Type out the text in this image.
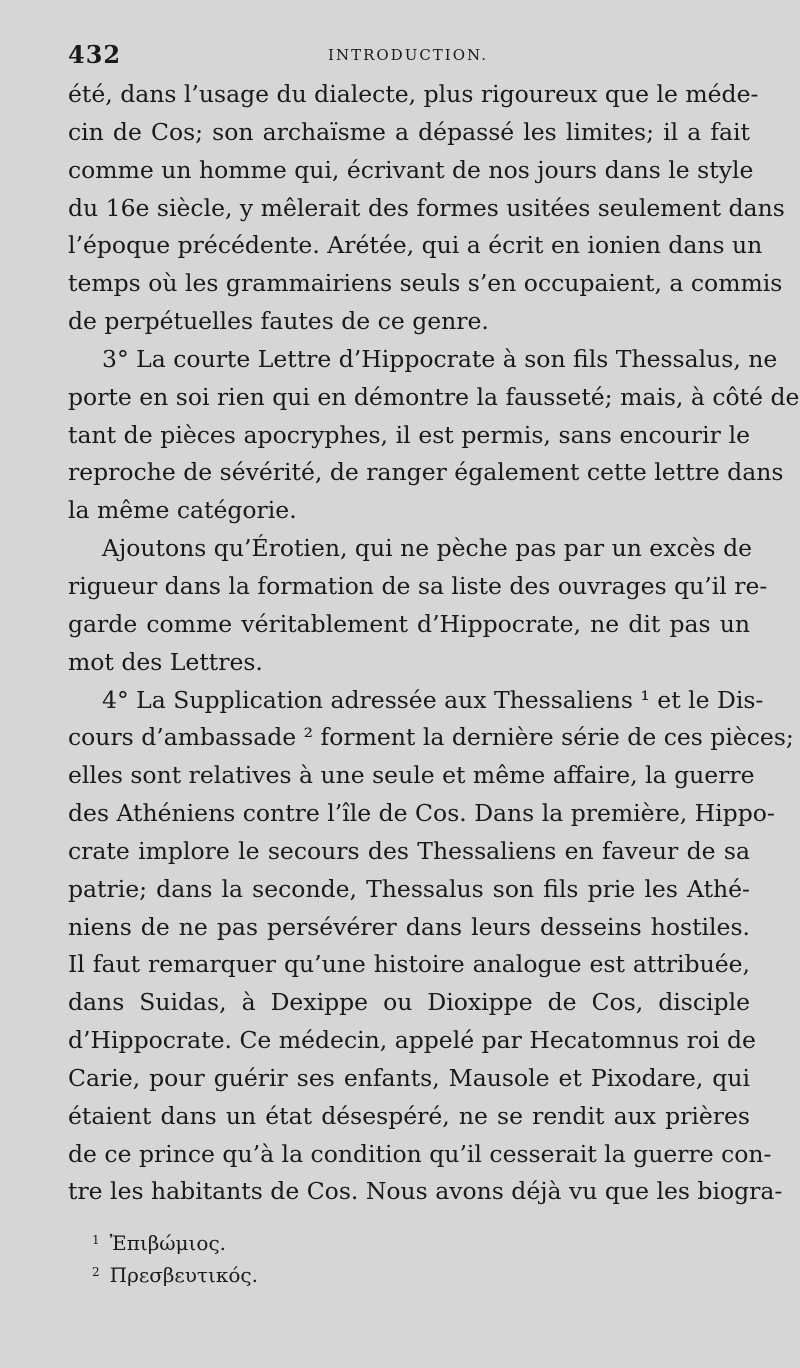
432	INTRODUCTION.
été, dans l’usage du dialecte, plus rigoureux que le méde-
cin de Cos; son archaïsme a dépassé les limites; il a fait
comme un homme qui, écrivant de nos jours dans le style
du 16e siècle, y mêlerait des formes usitées seulement dans
l’époque précédente. Arétée, qui a écrit en ionien dans un
temps où les grammairiens seuls s’en occupaient, a commis
de perpétuelles fautes de ce genre.
3° La courte Lettre d’Hippocrate à son fils Thessalus, ne
porte en soi rien qui en démontre la fausseté; mais, à côté de
tant de pièces apocryphes, il est permis, sans encourir le
reproche de sévérité, de ranger également cette lettre dans
la même catégorie.
Ajoutons qu’Érotien, qui ne pèche pas par un excès de
rigueur dans la formation de sa liste des ouvrages qu’il re-
garde comme véritablement d’Hippocrate, ne dit pas un
mot des Lettres.
4° La Supplication adressée aux Thessaliens ¹ et le Dis-
cours d’ambassade ² forment la dernière série de ces pièces;
elles sont relatives à une seule et même affaire, la guerre
des Athéniens contre l’île de Cos. Dans la première, Hippo-
crate implore le secours des Thessaliens en faveur de sa
patrie; dans la seconde, Thessalus son fils prie les Athé-
niens de ne pas persévérer dans leurs desseins hostiles.
Il faut remarquer qu’une histoire analogue est attribuée,
dans Suidas, à Dexippe ou Dioxippe de Cos, disciple
d’Hippocrate. Ce médecin, appelé par Hecatomnus roi de
Carie, pour guérir ses enfants, Mausole et Pixodare, qui
étaient dans un état désespéré, ne se rendit aux prières
de ce prince qu’à la condition qu’il cesserait la guerre con-
tre les habitants de Cos. Nous avons déjà vu que les biogra-
$^1$ Ἐπιβώμιος.
$^2$ Πρεσβευτικός.
